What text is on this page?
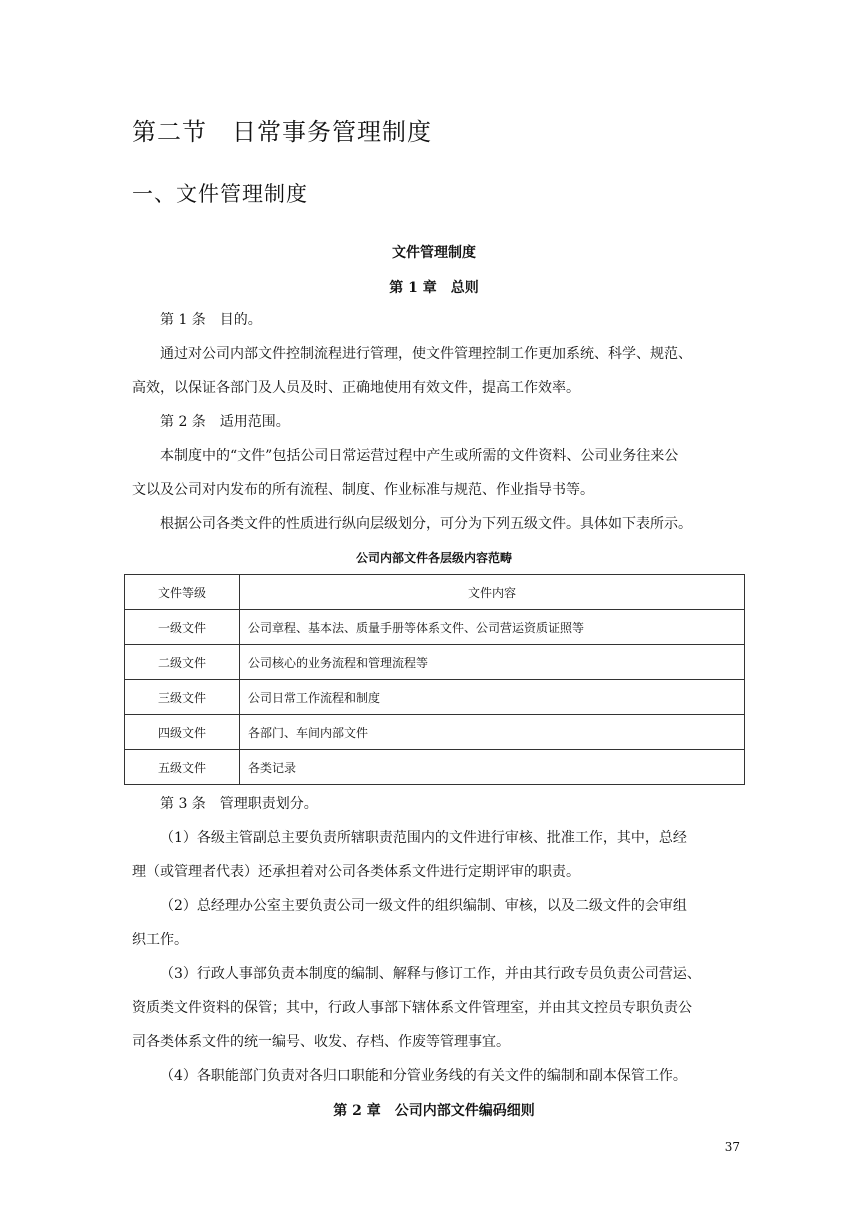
第二节　日常事务管理制度
一、文件管理制度
文件管理制度
第 1 章　总则
第 1 条　目的。
通过对公司内部文件控制流程进行管理，使文件管理控制工作更加系统、科学、规范、
高效，以保证各部门及人员及时、正确地使用有效文件，提高工作效率。
第 2 条　适用范围。
本制度中的“文件”包括公司日常运营过程中产生或所需的文件资料、公司业务往来公
文以及公司对内发布的所有流程、制度、作业标准与规范、作业指导书等。
根据公司各类文件的性质进行纵向层级划分，可分为下列五级文件。具体如下表所示。
公司内部文件各层级内容范畴
文件等级	文件内容
一级文件	公司章程、基本法、质量手册等体系文件、公司营运资质证照等
二级文件	公司核心的业务流程和管理流程等
三级文件	公司日常工作流程和制度
四级文件	各部门、车间内部文件
五级文件	各类记录
第 3 条　管理职责划分。
（1）各级主管副总主要负责所辖职责范围内的文件进行审核、批准工作，其中，总经
理（或管理者代表）还承担着对公司各类体系文件进行定期评审的职责。
（2）总经理办公室主要负责公司一级文件的组织编制、审核，以及二级文件的会审组
织工作。
（3）行政人事部负责本制度的编制、解释与修订工作，并由其行政专员负责公司营运、
资质类文件资料的保管；其中，行政人事部下辖体系文件管理室，并由其文控员专职负责公
司各类体系文件的统一编号、收发、存档、作废等管理事宜。
（4）各职能部门负责对各归口职能和分管业务线的有关文件的编制和副本保管工作。
第 2 章　公司内部文件编码细则
37
